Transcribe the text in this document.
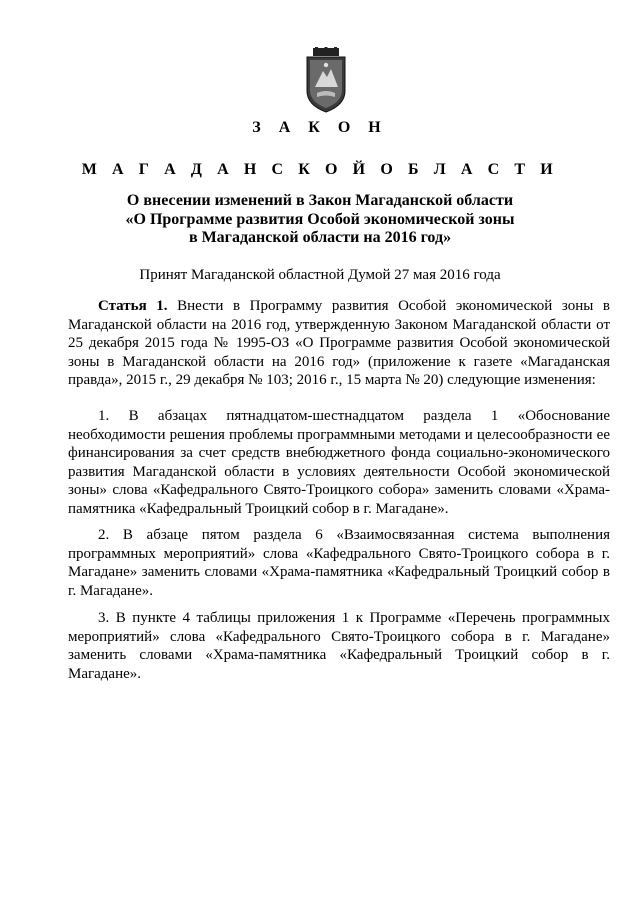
З А К О Н
М А Г А Д А Н С К О Й О Б Л А С Т И
О внесении изменений в Закон Магаданской области
«О Программе развития Особой экономической зоны
в Магаданской области на 2016 год»
Принят Магаданской областной Думой 27 мая 2016 года

Статья 1. Внести в Программу развития Особой экономической зоны в Магаданской области на 2016 год, утвержденную Законом Магаданской области от 25 декабря 2015 года № 1995-ОЗ «О Программе развития Особой экономической зоны в Магаданской области на 2016 год» (приложение к газете «Магаданская правда», 2015 г., 29 декабря № 103; 2016 г., 15 марта № 20) следующие изменения:

1. В абзацах пятнадцатом-шестнадцатом раздела 1 «Обоснование необходимости решения проблемы программными методами и целесообразности ее финансирования за счет средств внебюджетного фонда социально-экономического развития Магаданской области в условиях деятельности Особой экономической зоны» слова «Кафедрального Свято-Троицкого собора» заменить словами «Храма-памятника «Кафедральный Троицкий собор в г. Магадане».

2. В абзаце пятом раздела 6 «Взаимосвязанная система выполнения программных мероприятий» слова «Кафедрального Свято-Троицкого собора в г. Магадане» заменить словами «Храма-памятника «Кафедральный Троицкий собор в г. Магадане».

3. В пункте 4 таблицы приложения 1 к Программе «Перечень программных мероприятий» слова «Кафедрального Свято-Троицкого собора в г. Магадане» заменить словами «Храма-памятника «Кафедральный Троицкий собор в г. Магадане».
